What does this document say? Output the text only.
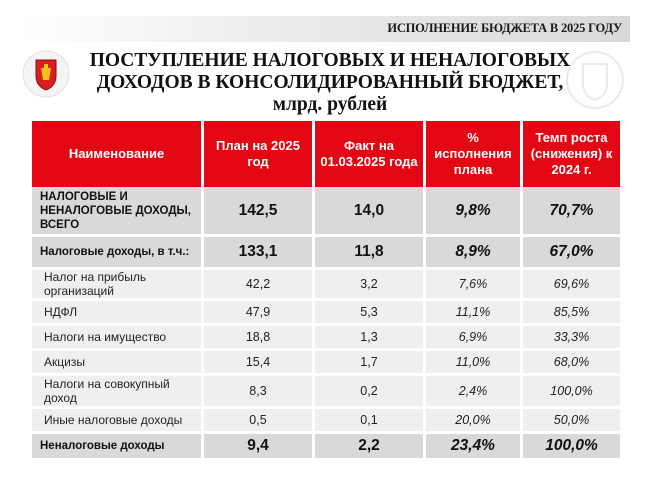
ИСПОЛНЕНИЕ БЮДЖЕТА В 2025 ГОДУ
ПОСТУПЛЕНИЕ НАЛОГОВЫХ И НЕНАЛОГОВЫХ
ДОХОДОВ В КОНСОЛИДИРОВАННЫЙ БЮДЖЕТ,
млрд. рублей
Наименование	План на 2025 год	Факт на 01.03.2025 года	% исполнения плана	Темп роста (снижения) к 2024 г.
НАЛОГОВЫЕ И НЕНАЛОГОВЫЕ ДОХОДЫ, ВСЕГО	142,5	14,0	9,8%	70,7%
Налоговые доходы, в т.ч.:	133,1	11,8	8,9%	67,0%
Налог на прибыль организаций	42,2	3,2	7,6%	69,6%
НДФЛ	47,9	5,3	11,1%	85,5%
Налоги на имущество	18,8	1,3	6,9%	33,3%
Акцизы	15,4	1,7	11,0%	68,0%
Налоги на совокупный доход	8,3	0,2	2,4%	100,0%
Иные налоговые доходы	0,5	0,1	20,0%	50,0%
Неналоговые доходы	9,4	2,2	23,4%	100,0%
